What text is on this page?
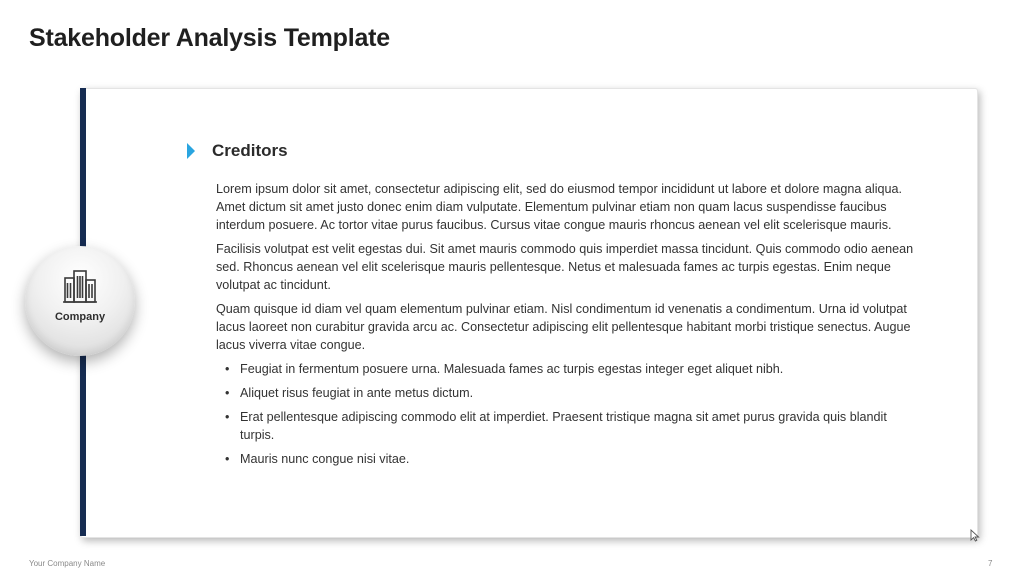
Stakeholder Analysis Template
Company
Creditors

Lorem ipsum dolor sit amet, consectetur adipiscing elit, sed do eiusmod tempor incididunt ut labore et dolore magna aliqua. Amet dictum sit amet justo donec enim diam vulputate. Elementum pulvinar etiam non quam lacus suspendisse faucibus interdum posuere. Ac tortor vitae purus faucibus. Cursus vitae congue mauris rhoncus aenean vel elit scelerisque mauris.

Facilisis volutpat est velit egestas dui. Sit amet mauris commodo quis imperdiet massa tincidunt. Quis commodo odio aenean sed. Rhoncus aenean vel elit scelerisque mauris pellentesque. Netus et malesuada fames ac turpis egestas. Enim neque volutpat ac tincidunt.

Quam quisque id diam vel quam elementum pulvinar etiam. Nisl condimentum id venenatis a condimentum. Urna id volutpat lacus laoreet non curabitur gravida arcu ac. Consectetur adipiscing elit pellentesque habitant morbi tristique senectus. Augue lacus viverra vitae congue.

• Feugiat in fermentum posuere urna. Malesuada fames ac turpis egestas integer eget aliquet nibh.
• Aliquet risus feugiat in ante metus dictum.
• Erat pellentesque adipiscing commodo elit at imperdiet. Praesent tristique magna sit amet purus gravida quis blandit turpis.
• Mauris nunc congue nisi vitae.
Your Company Name	7
